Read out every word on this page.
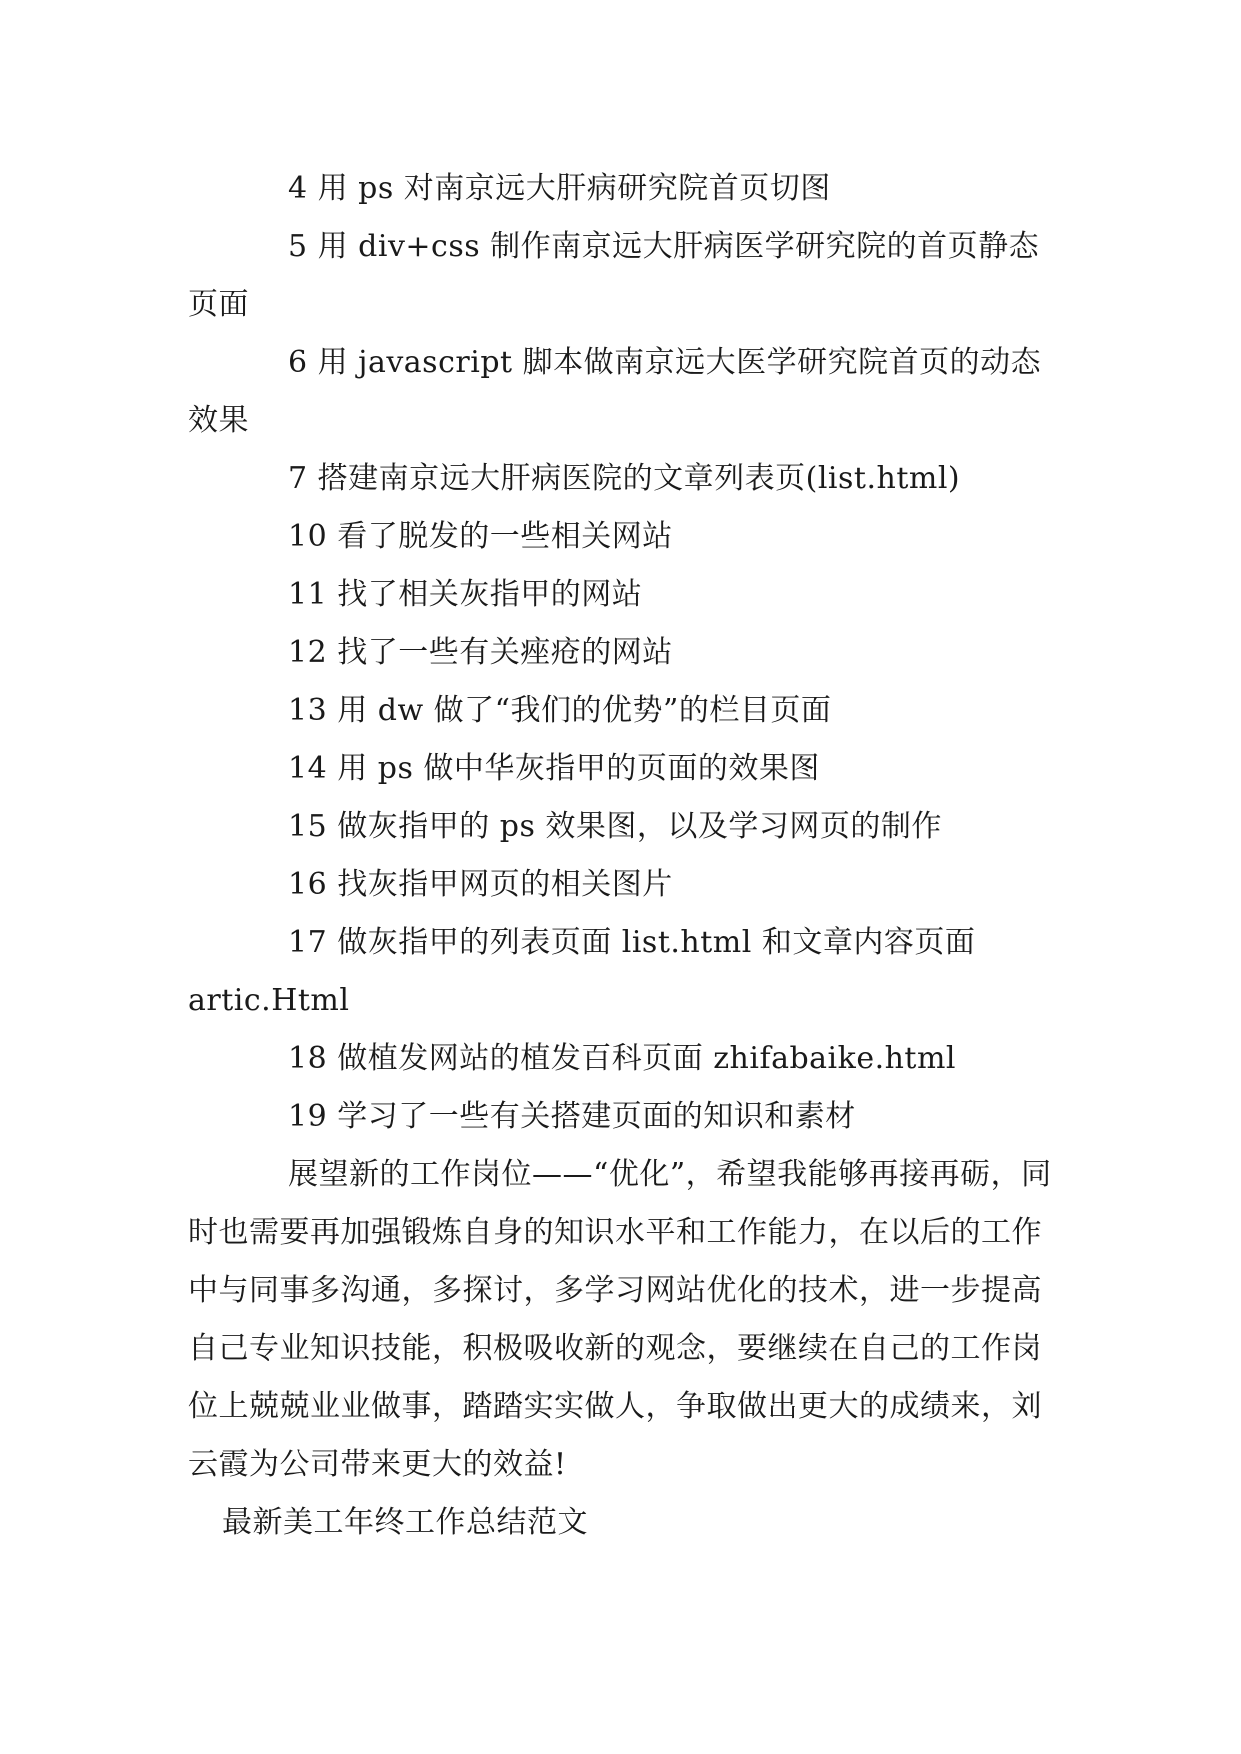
4 用 ps 对南京远大肝病研究院首页切图
5 用 div+css 制作南京远大肝病医学研究院的首页静态页面
6 用 javascript 脚本做南京远大医学研究院首页的动态效果
7 搭建南京远大肝病医院的文章列表页(list.html)
10 看了脱发的一些相关网站
11 找了相关灰指甲的网站
12 找了一些有关痤疮的网站
13 用 dw 做了“我们的优势”的栏目页面
14 用 ps 做中华灰指甲的页面的效果图
15 做灰指甲的 ps 效果图，以及学习网页的制作
16 找灰指甲网页的相关图片
17 做灰指甲的列表页面 list.html 和文章内容页面 artic.Html
18 做植发网站的植发百科页面 zhifabaike.html
19 学习了一些有关搭建页面的知识和素材
展望新的工作岗位——“优化”，希望我能够再接再砺，同时也需要再加强锻炼自身的知识水平和工作能力，在以后的工作中与同事多沟通，多探讨，多学习网站优化的技术，进一步提高自己专业知识技能，积极吸收新的观念，要继续在自己的工作岗位上兢兢业业做事，踏踏实实做人，争取做出更大的成绩来，刘云霞为公司带来更大的效益!
最新美工年终工作总结范文
